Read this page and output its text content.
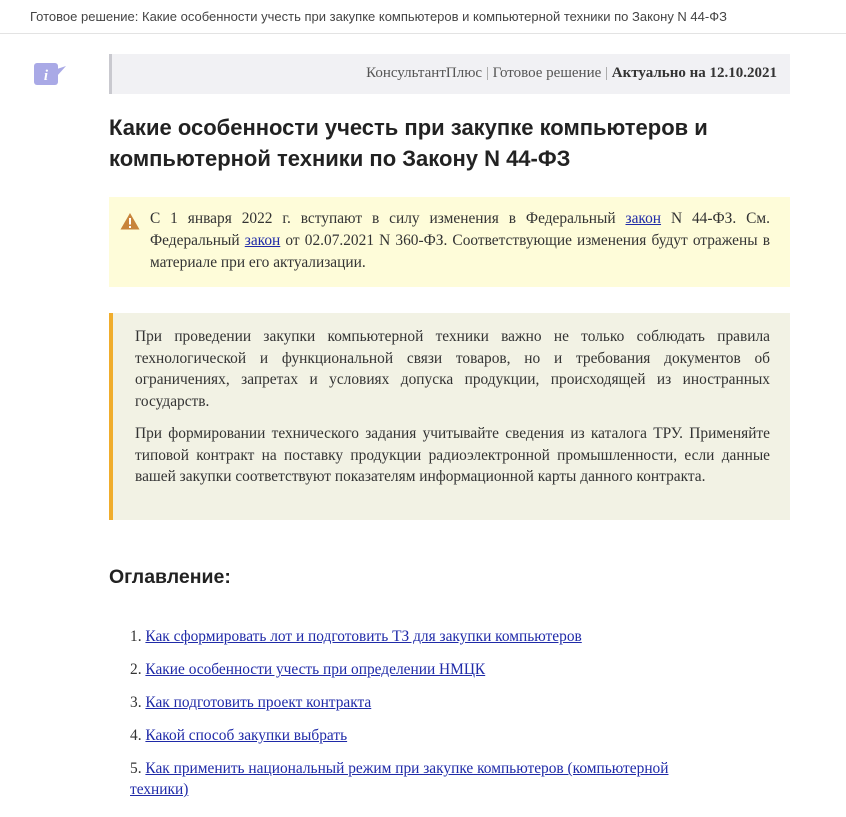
Готовое решение: Какие особенности учесть при закупке компьютеров и компьютерной техники по Закону N 44-ФЗ
i	КонсультантПлюс | Готовое решение | Актуально на 12.10.2021
Какие особенности учесть при закупке компьютеров и компьютерной техники по Закону N 44-ФЗ
С 1 января 2022 г. вступают в силу изменения в Федеральный закон N 44-ФЗ. См. Федеральный закон от 02.07.2021 N 360-ФЗ. Соответствующие изменения будут отражены в материале при его актуализации.

При проведении закупки компьютерной техники важно не только соблюдать правила технологической и функциональной связи товаров, но и требования документов об ограничениях, запретах и условиях допуска продукции, происходящей из иностранных государств.

При формировании технического задания учитывайте сведения из каталога ТРУ. Применяйте типовой контракт на поставку продукции радиоэлектронной промышленности, если данные вашей закупки соответствуют показателям информационной карты данного контракта.

Оглавление:
1. Как сформировать лот и подготовить ТЗ для закупки компьютеров
2. Какие особенности учесть при определении НМЦК
3. Как подготовить проект контракта
4. Какой способ закупки выбрать
5. Как применить национальный режим при закупке компьютеров (компьютерной техники)
